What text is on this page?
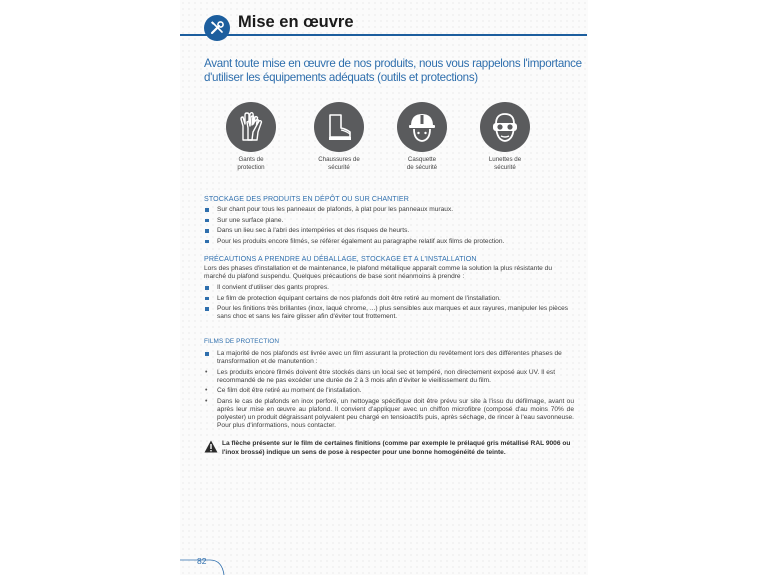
Mise en œuvre
Avant toute mise en œuvre de nos produits, nous vous rappelons l'importance d'utiliser les équipements adéquats (outils et protections)
Gants de
protection
Chaussures de
sécurité
Casquette
de sécurité
Lunettes de
sécurité
STOCKAGE DES PRODUITS EN DÉPÔT OU SUR CHANTIER
Sur chant pour tous les panneaux de plafonds, à plat pour les panneaux muraux.
Sur une surface plane.
Dans un lieu sec à l'abri des intempéries et des risques de heurts.
Pour les produits encore filmés, se référer également au paragraphe relatif aux films de protection.
PRÉCAUTIONS A PRENDRE AU DÉBALLAGE, STOCKAGE ET A L'INSTALLATION
Lors des phases d'installation et de maintenance, le plafond métallique apparaît comme la solution la plus résistante du marché du plafond suspendu. Quelques précautions de base sont néanmoins à prendre :
Il convient d'utiliser des gants propres.
Le film de protection équipant certains de nos plafonds doit être retiré au moment de l'installation.
Pour les finitions très brillantes (inox, laqué chrome, ...) plus sensibles aux marques et aux rayures, manipuler les pièces sans choc et sans les faire glisser afin d'éviter tout frottement.
FILMS DE PROTECTION
La majorité de nos plafonds est livrée avec un film assurant la protection du revêtement lors des différentes phases de transformation et de manutention :
• Les produits encore filmés doivent être stockés dans un local sec et tempéré, non directement exposé aux UV. Il est recommandé de ne pas excéder une durée de 2 à 3 mois afin d'éviter le vieillissement du film.
• Ce film doit être retiré au moment de l'installation.
• Dans le cas de plafonds en inox perforé, un nettoyage spécifique doit être prévu sur site à l'issu du défilmage, avant ou après leur mise en œuvre au plafond. Il convient d'appliquer avec un chiffon microfibre (composé d'au moins 70% de polyester) un produit dégraissant polyvalent peu chargé en tensioactifs puis, après séchage, de rincer à l'eau savonneuse. Pour plus d'informations, nous contacter.
La flèche présente sur le film de certaines finitions (comme par exemple le prélaqué gris métallisé RAL 9006 ou l'inox brossé) indique un sens de pose à respecter pour une bonne homogénéité de teinte.
82
